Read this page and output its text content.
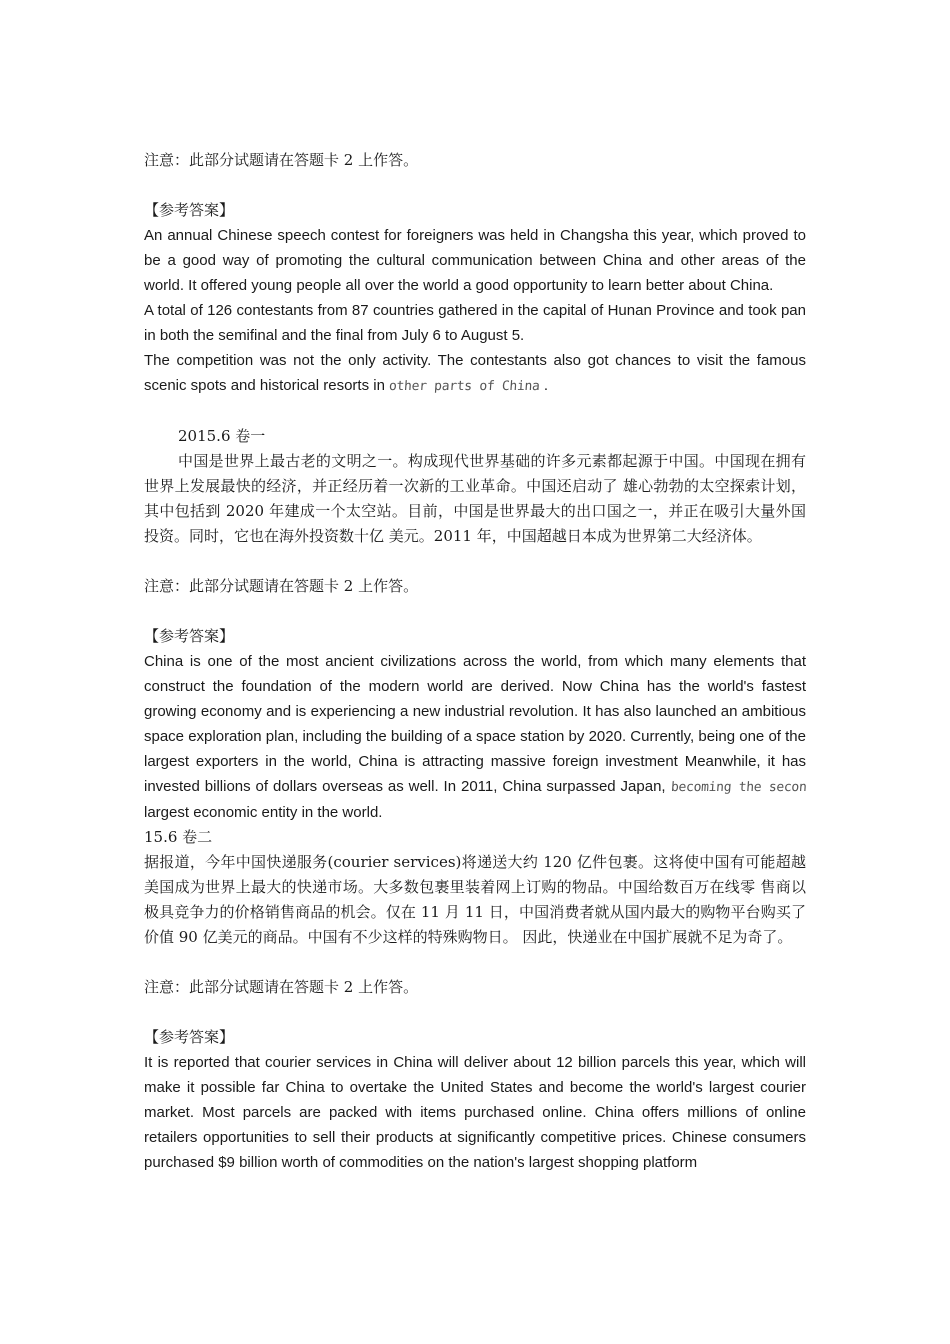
注意：此部分试题请在答题卡 2 上作答。

【参考答案】

An annual Chinese speech contest for foreigners was held in Changsha this year, which proved to be a good way of promoting the cultural communication between China and other areas of the world. It offered young people all over the world a good opportunity to learn better about China.

A total of 126 contestants from 87 countries gathered in the capital of Hunan Province and took pan in both the semifinal and the final from July 6 to August 5.

The competition was not the only activity. The contestants also got chances to visit the famous scenic spots and historical resorts in other parts of China .

2015.6 卷一

中国是世界上最古老的文明之一。构成现代世界基础的许多元素都起源于中国。中国现在拥有世界上发展最快的经济，并正经历着一次新的工业革命。中国还启动了 雄心勃勃的太空探索计划，其中包括到 2020 年建成一个太空站。目前，中国是世界最大的出口国之一，并正在吸引大量外国投资。同时，它也在海外投资数十亿 美元。2011 年，中国超越日本成为世界第二大经济体。

注意：此部分试题请在答题卡 2 上作答。

【参考答案】

China is one of the most ancient civilizations across the world, from which many elements that construct the foundation of the modern world are derived. Now China has the world's fastest growing economy and is experiencing a new industrial revolution. It has also launched an ambitious space exploration plan, including the building of a space station by 2020. Currently, being one of the largest exporters in the world, China is attracting massive foreign investment Meanwhile, it has invested billions of dollars overseas as well. In 2011, China surpassed Japan, becoming the seconlargest economic entity in the world.

15.6 卷二

据报道，今年中国快递服务(courier services)将递送大约 120 亿件包裹。这将使中国有可能超越美国成为世界上最大的快递市场。大多数包裹里装着网上订购的物品。中国给数百万在线零 售商以极具竞争力的价格销售商品的机会。仅在 11 月 11 日，中国消费者就从国内最大的购物平台购买了价值 90 亿美元的商品。中国有不少这样的特殊购物日。 因此，快递业在中国扩展就不足为奇了。

注意：此部分试题请在答题卡 2 上作答。

【参考答案】

It is reported that courier services in China will deliver about 12 billion parcels this year, which will make it possible far China to overtake the United States and become the world's largest courier market. Most parcels are packed with items purchased online. China offers millions of online retailers opportunities to sell their products at significantly competitive prices. Chinese consumers purchased $9 billion worth of commodities on the nation's largest shopping platform
